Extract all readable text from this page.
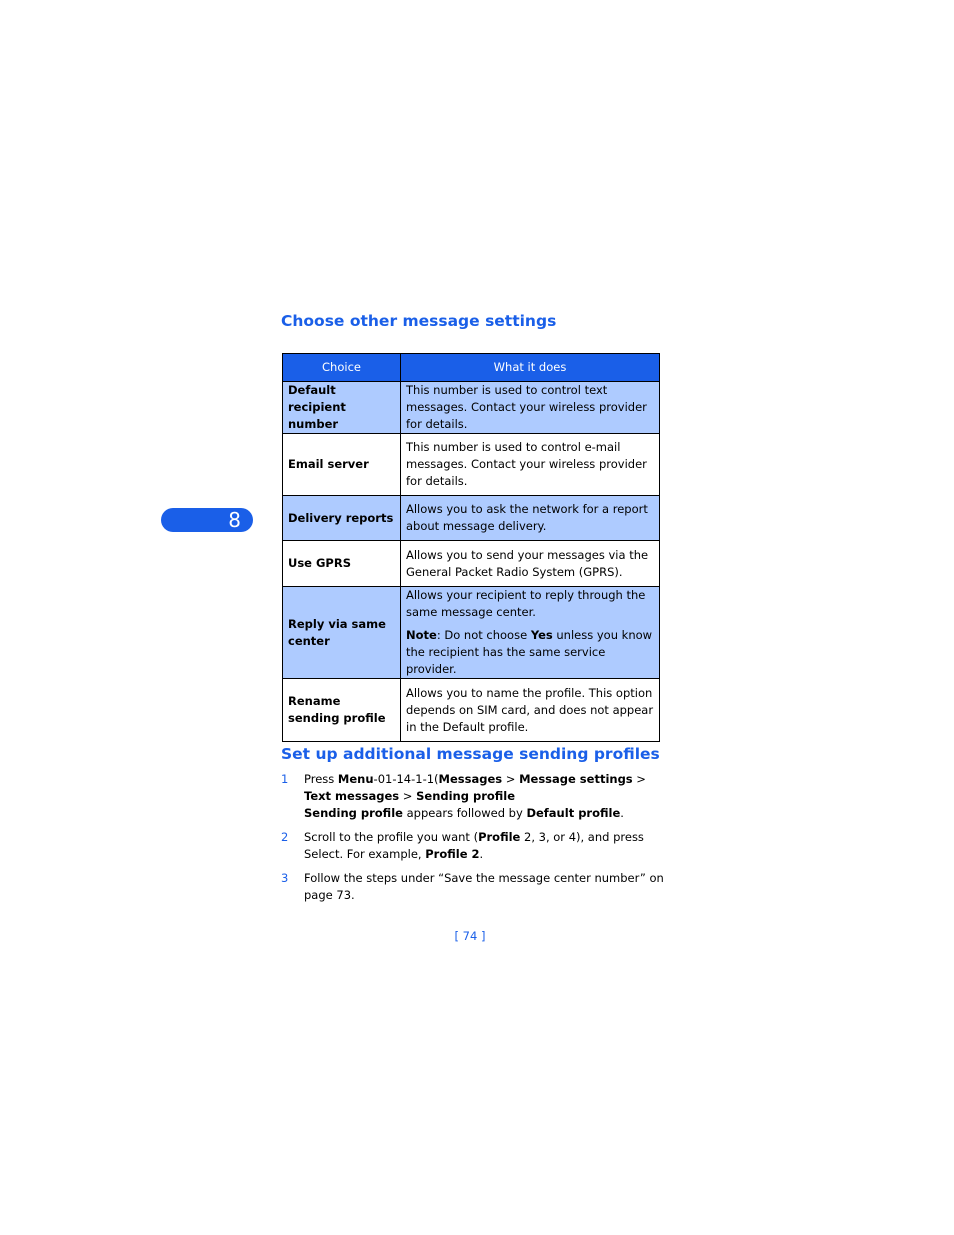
8
Choose other message settings
Choice	What it does
Default recipient number	This number is used to control text messages. Contact your wireless provider for details.
Email server	This number is used to control e-mail messages. Contact your wireless provider for details.
Delivery reports	Allows you to ask the network for a report about message delivery.
Use GPRS	Allows you to send your messages via the General Packet Radio System (GPRS).
Reply via same center	Allows your recipient to reply through the same message center.
Note: Do not choose Yes unless you know the recipient has the same service provider.

Rename sending profile	Allows you to name the profile. This option depends on SIM card, and does not appear in the Default profile.
Set up additional message sending profiles
1 Press Menu-01-14-1-1(Messages > Message settings > Text messages > Sending profile
Sending profile appears followed by Default profile.
2 Scroll to the profile you want (Profile 2, 3, or 4), and press Select. For example, Profile 2.
3 Follow the steps under “Save the message center number” on page 73.
[ 74 ]
